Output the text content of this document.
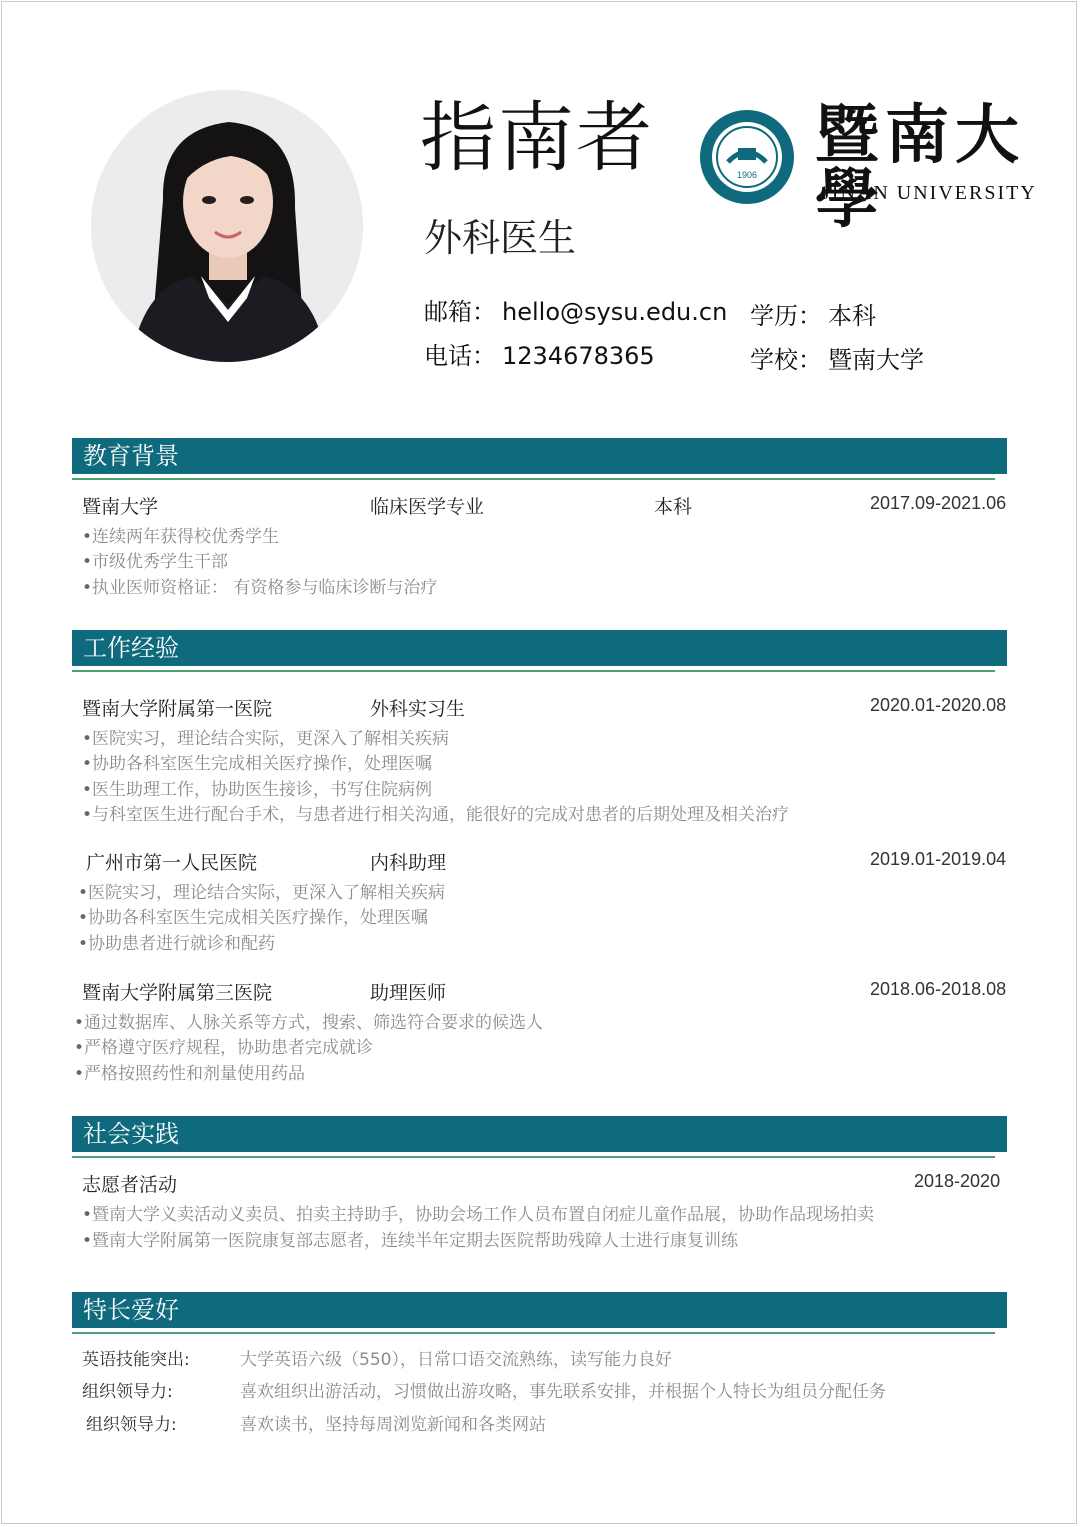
指南者
外科医生
邮箱： hello@sysu.edu.cn
电话： 1234678365
学历： 本科
学校： 暨南大学
1906
暨南大學
JINAN UNIVERSITY
教育背景
暨南大学	临床医学专业	本科	2017.09-2021.06
• 连续两年获得校优秀学生
• 市级优秀学生干部
• 执业医师资格证： 有资格参与临床诊断与治疗
工作经验
暨南大学附属第一医院	外科实习生	2020.01-2020.08
• 医院实习，理论结合实际，更深入了解相关疾病
• 协助各科室医生完成相关医疗操作，处理医嘱
• 医生助理工作，协助医生接诊，书写住院病例
• 与科室医生进行配台手术，与患者进行相关沟通，能很好的完成对患者的后期处理及相关治疗
广州市第一人民医院	内科助理	2019.01-2019.04
• 医院实习，理论结合实际，更深入了解相关疾病
• 协助各科室医生完成相关医疗操作，处理医嘱
• 协助患者进行就诊和配药
暨南大学附属第三医院	助理医师	2018.06-2018.08
• 通过数据库、人脉关系等方式，搜索、筛选符合要求的候选人
• 严格遵守医疗规程，协助患者完成就诊
• 严格按照药性和剂量使用药品
社会实践
志愿者活动	2018-2020
• 暨南大学义卖活动义卖员、拍卖主持助手，协助会场工作人员布置自闭症儿童作品展，协助作品现场拍卖
• 暨南大学附属第一医院康复部志愿者，连续半年定期去医院帮助残障人士进行康复训练
特长爱好
英语技能突出:	大学英语六级（550），日常口语交流熟练，读写能力良好
组织领导力:	喜欢组织出游活动，习惯做出游攻略，事先联系安排，并根据个人特长为组员分配任务
组织领导力:	喜欢读书，坚持每周浏览新闻和各类网站
